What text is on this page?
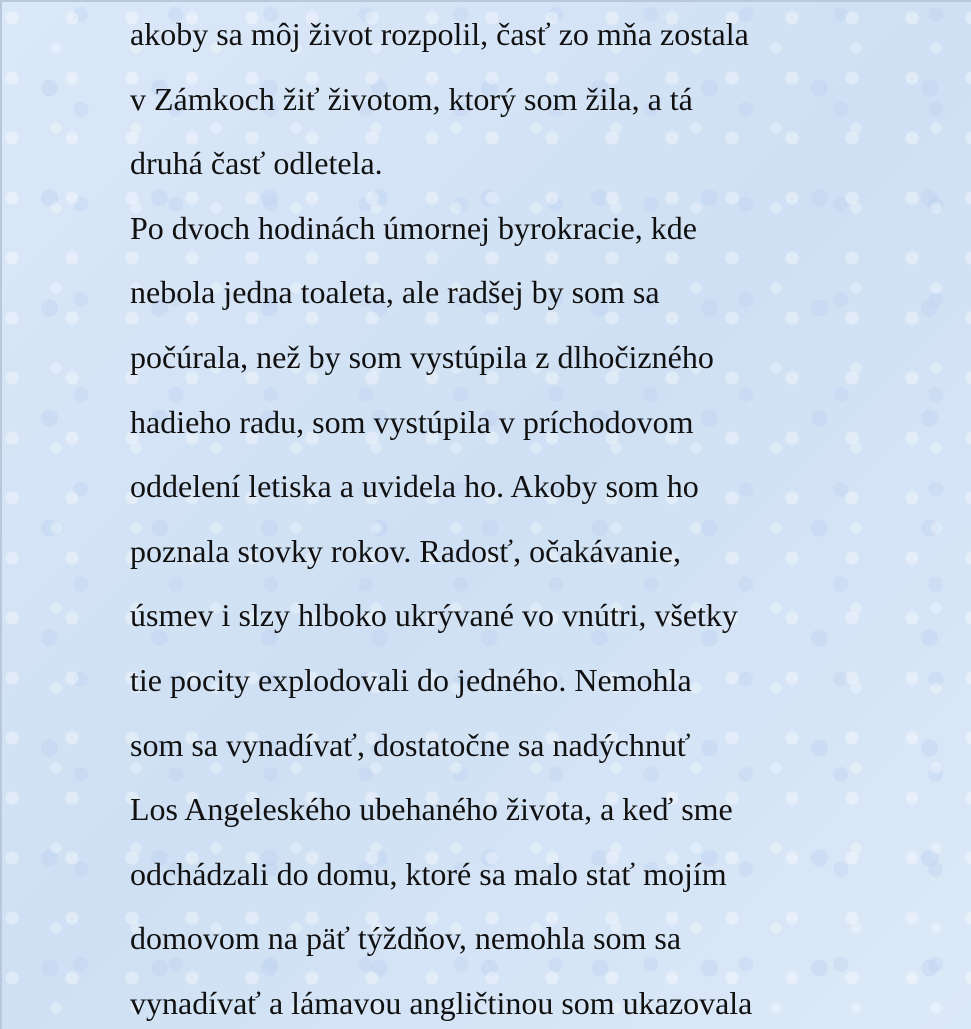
akoby sa môj život rozpolil, časť zo mňa zostala
v Zámkoch žiť životom, ktorý som žila, a tá
druhá časť odletela.
Po dvoch hodinách úmornej byrokracie, kde
nebola jedna toaleta, ale radšej by som sa
počúrala, než by som vystúpila z dlhočizného
hadieho radu, som vystúpila v príchodovom
oddelení letiska a uvidela ho. Akoby som ho
poznala stovky rokov. Radosť, očakávanie,
úsmev i slzy hlboko ukrývané vo vnútri, všetky
tie pocity explodovali do jedného. Nemohla
som sa vynadívať, dostatočne sa nadýchnuť
Los Angeleského ubehaného života, a keď sme
odchádzali do domu, ktoré sa malo stať mojím
domovom na päť týždňov, nemohla som sa
vynadívať a lámavou angličtinou som ukazovala
